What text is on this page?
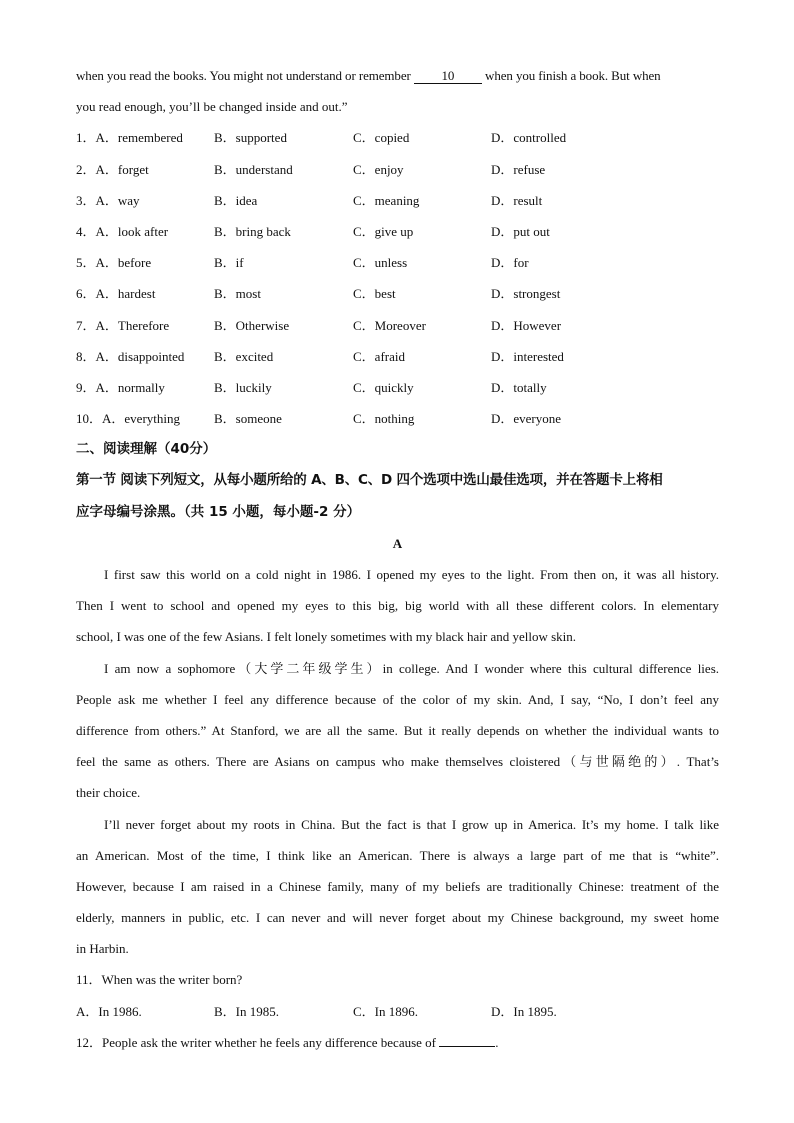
when you read the books. You might not understand or remember 10 when you finish a book. But when
you read enough, you’ll be changed inside and out.”
1．A．remembered	B．supported	C．copied	D．controlled
2．A．forget	B．understand	C．enjoy	D．refuse
3．A．way	B．idea	C．meaning	D．result
4．A．look after	B．bring back	C．give up	D．put out
5．A．before	B．if	C．unless	D．for
6．A．hardest	B．most	C．best	D．strongest
7．A．Therefore	B．Otherwise	C．Moreover	D．However
8．A．disappointed	B．excited	C．afraid	D．interested
9．A．normally	B．luckily	C．quickly	D．totally
10．A．everything	B．someone	C．nothing	D．everyone
二、阅读理解（40分）
第一节 阅读下列短文，从每小题所给的 A、B、C、D 四个选项中选山最佳选项，并在答题卡上将相
应字母编号涂黑。（共 15 小题，每小题-2 分）
A
I first saw this world on a cold night in 1986. I opened my eyes to the light. From then on, it was all history.
Then I went to school and opened my eyes to this big, big world with all these different colors. In elementary
school, I was one of the few Asians. I felt lonely sometimes with my black hair and yellow skin.
I am now a sophomore（大学二年级学生）in college. And I wonder where this cultural difference lies.
People ask me whether I feel any difference because of the color of my skin. And, I say, “No, I don’t feel any
difference from others.” At Stanford, we are all the same. But it really depends on whether the individual wants to
feel the same as others. There are Asians on campus who make themselves cloistered（与世隔绝的）. That’s
their choice.
I’ll never forget about my roots in China. But the fact is that I grow up in America. It’s my home. I talk like
an American. Most of the time, I think like an American. There is always a large part of me that is “white”.
However, because I am raised in a Chinese family, many of my beliefs are traditionally Chinese: treatment of the
elderly, manners in public, etc. I can never and will never forget about my Chinese background, my sweet home
in Harbin.
11．When was the writer born?
A．In 1986.	B．In 1985.	C．In 1896.	D．In 1895.
12．People ask the writer whether he feels any difference because of	.
